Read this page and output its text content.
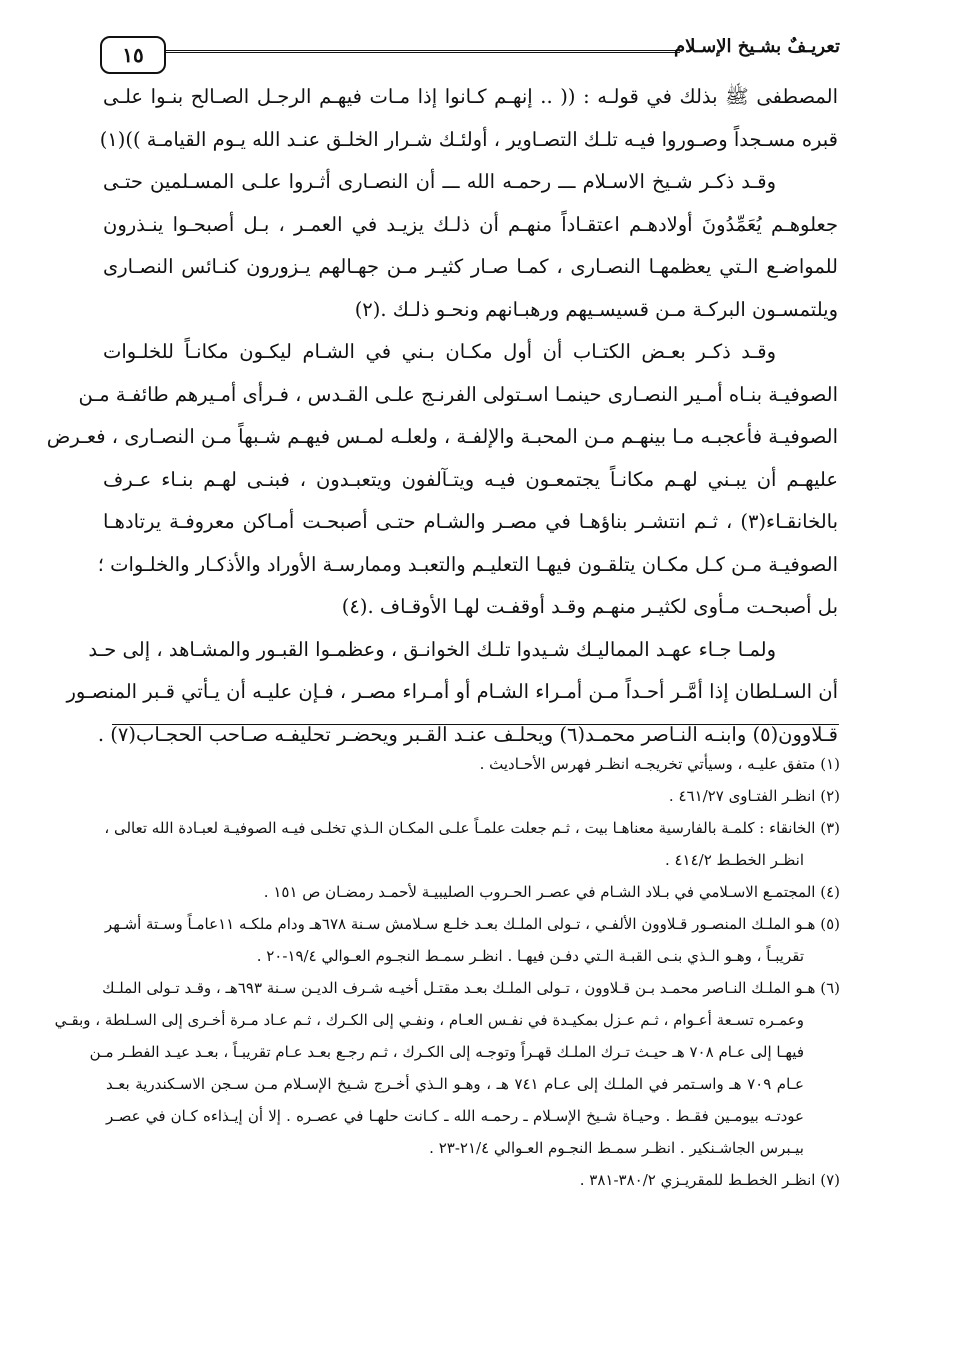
تعريـفٌ بشـيخ الإسـلام
١٥
المصطفى ﷺ بذلك في قولـه : (( .. إنهـم كـانوا إذا مـات فيهـم الرجـل الصـالح بنـوا علـى
قبره مسـجداً وصـوروا فيـه تلـك التصـاوير ، أولئـك شـرار الخلـق عنـد الله يـوم القيامـة ))(١)
وقـد ذكـر شـيخ الاسـلام ـــ رحمـه الله ـــ أن النصـارى أثـروا علـى المسـلمين حتـى
جعلوهـم يُعَمِّدُونَ أولادهـم اعتقـاداً منهـم أن ذلـك يزيـد في العمـر ، بـل أصبحـوا ينـذرون
للمواضـع الـتي يعظمهـا النصـارى ، كمـا صـار كثيـر مـن جهـالهم يـزورون كنـائس النصـارى
ويلتمسـون البركـة مـن قسيسـيهم ورهبـانهم ونحـو ذلـك .(٢)
وقـد ذكـر بعـض الكتـاب أن أول مكـان بـني في الشـام ليكـون مكانـاً للخلـوات
الصوفيـة بنـاه أمـير النصـارى حينمـا اسـتولى الفرنـج علـى القـدس ، فـرأى أمـيرهم طائفـة مـن
الصوفيـة فأعجبـه مـا بينهـم مـن المحبـة والإلفـة ، ولعلـه لمـس فيهـم شـبهاً مـن النصـارى ، فعـرض
عليهـم أن يبـني لهـم مكانـاً يجتمعـون فيـه ويتـآلفون ويتعبـدون ، فبنـى لهـم بنـاء عـرف
بالخانقـاء(٣) ، ثـم انتشـر بناؤهـا في مصـر والشـام حتـى أصبحـت أمـاكن معروفـة يرتادهـا
الصوفيـة مـن كـل مكـان يتلقـون فيهـا التعليـم والتعبـد وممارسـة الأوراد والأذكـار والخلـوات ؛
بل أصبحـت مـأوى لكثيـر منهـم وقـد أوقفـت لهـا الأوقـاف .(٤)
ولمـا جـاء عهـد المماليـك شـيدوا تلـك الخوانـق ، وعظمـوا القبـور والمشـاهد ، إلى حـد
أن السـلطان إذا أمَّـر أحـداً مـن أمـراء الشـام أو أمـراء مصـر ، فـإن عليـه أن يـأتي قـبر المنصـور
قـلاوون(٥) وابنـه النـاصر محمـد(٦) ويحلـف عنـد القـبر ويحضـر تحليفـه صـاحب الحجـاب(٧) .
(١) متفق عليـه ، وسيأتي تخريجـه انظـر فهرس الأحـاديث .
(٢) انظـر الفتـاوى ٤٦١/٢٧ .
(٣) الخانقاء : كلمـة بالفارسية معناهـا بيت ، ثـم جعلت علمـاً علـى المكـان الـذي تخلـى فيـه الصوفيـة لعبـادة الله تعالى ،
انظـر الخطـط ٤١٤/٢ .
(٤) المجتمـع الاسـلامي في بـلاد الشـام في عصـر الحـروب الصليبيـة لأحمـد رمضـان ص ١٥١ .
(٥) هـو الملـك المنصـور قـلاوون الألفـي ، تـولى الملـك بعـد خلـع سـلامش سـنة ٦٧٨هـ ودام ملكـه ١١عامـاً وسـتة أشـهر
تقريبـاً ، وهـو الـذي بنـى القبـة الـتي دفـن فيهـا . انظـر سمـط النجـوم العـوالي ١٩/٤-٢٠ .
(٦) هـو الملـك النـاصر محمـد بـن قـلاوون ، تـولى الملـك بعـد مقتـل أخيـه شـرف الديـن سـنة ٦٩٣هـ ، وقـد تـولى الملـك
وعمـره تسـعة أعـوام ، ثـم عـزل بمكيـدة في نفـس العـام ، ونفـي إلى الكـرك ، ثـم عـاد مـرة أخـرى إلى السـلطة ، وبقـي
فيهـا إلى عـام ٧٠٨ هـ حيـث تـرك الملـك قهـراً وتوجـه إلى الكـرك ، ثـم رجـع بعـد عـام تقريبـاً ، بعـد عيـد الفطـر مـن
عـام ٧٠٩ هـ واسـتمر في الملـك إلى عـام ٧٤١ هـ ، وهـو الـذي أخـرج شـيخ الإسـلام مـن سـجن الاسـكندرية بعـد
عودتـه بيومـين فقـط . وحيـاة شـيخ الإسـلام ـ رحمـه الله ـ كـانت حلهـا في عصـره . إلا أن إيـذاءه كـان في عصـر
بيـبرس الجاشـنكير . انظـر سمـط النجـوم العـوالي ٢١/٤-٢٣ .
(٧) انظـر الخطـط للمقريـزي ٣٨٠/٢-٣٨١ .
